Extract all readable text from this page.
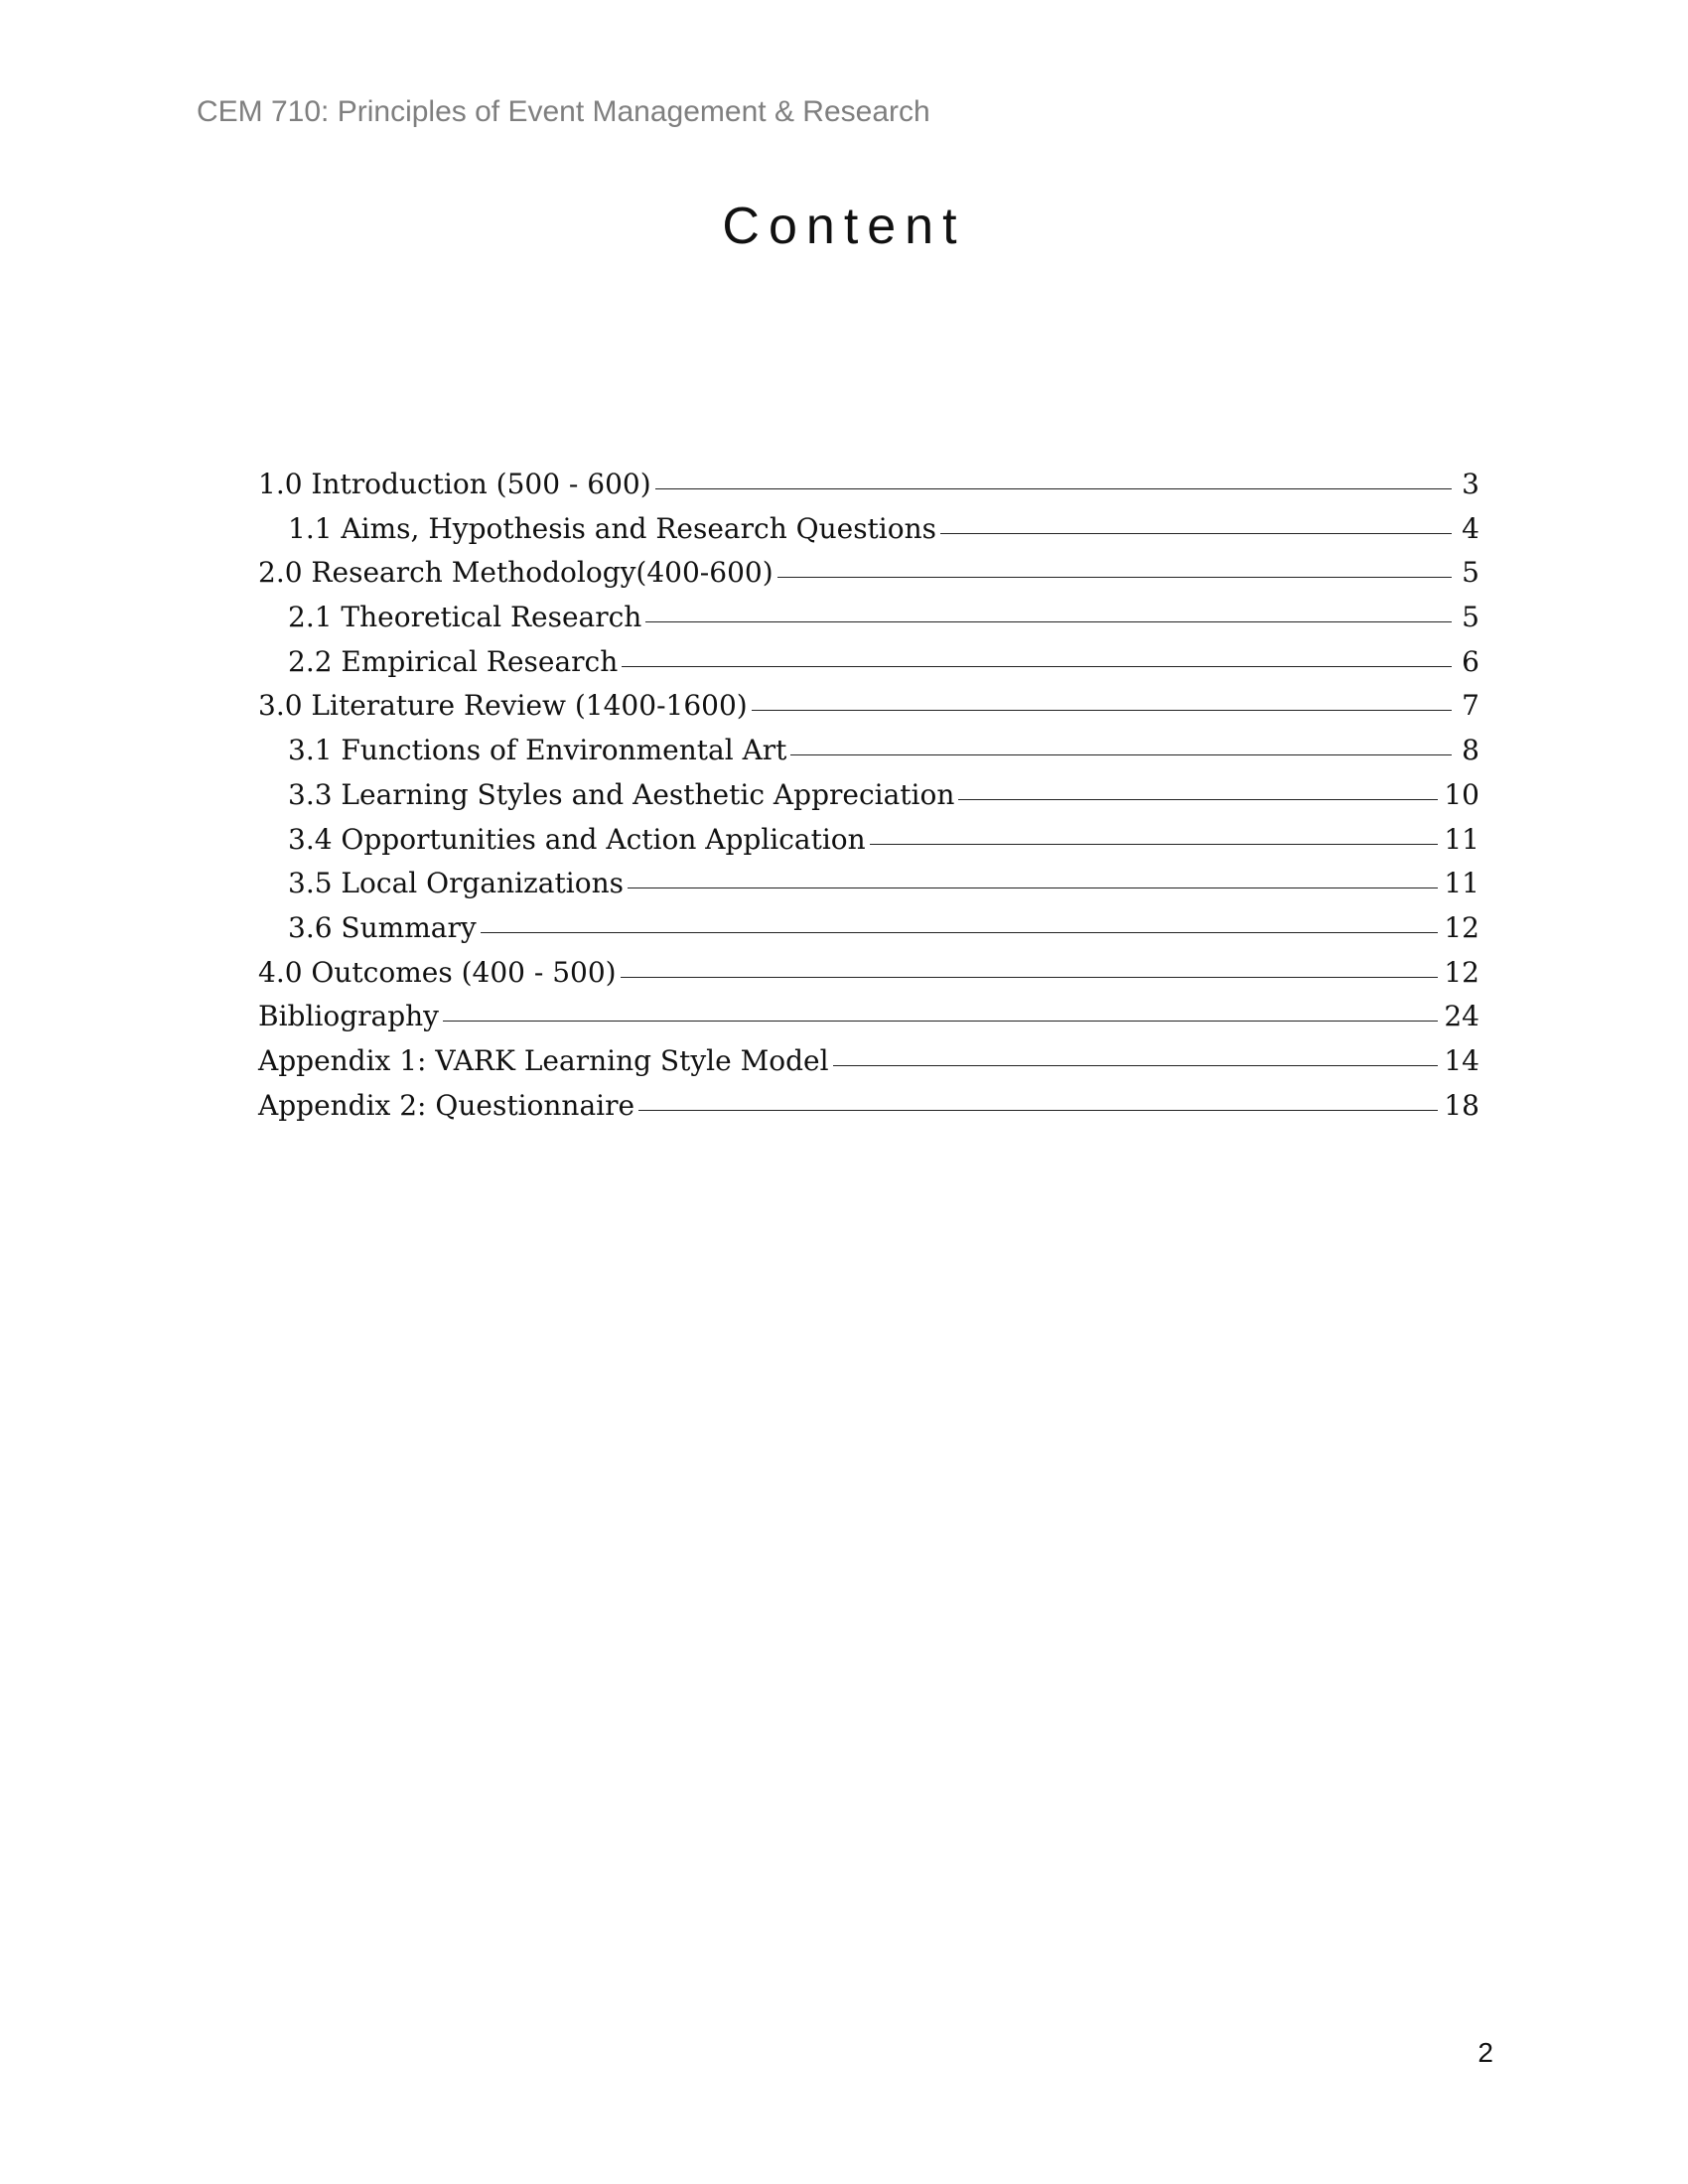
CEM 710: Principles of Event Management & Research
Content
1.0 Introduction (500 - 600)	3
1.1 Aims, Hypothesis and Research Questions	4
2.0 Research Methodology(400-600)	5
2.1 Theoretical Research	5
2.2 Empirical Research	6
3.0 Literature Review (1400-1600)	7
3.1 Functions of Environmental Art	8
3.3 Learning Styles and Aesthetic Appreciation	10
3.4 Opportunities and Action Application	11
3.5 Local Organizations	11
3.6 Summary	12
4.0 Outcomes (400 - 500)	12
Bibliography	24
Appendix 1: VARK Learning Style Model	14
Appendix 2: Questionnaire	18
2
